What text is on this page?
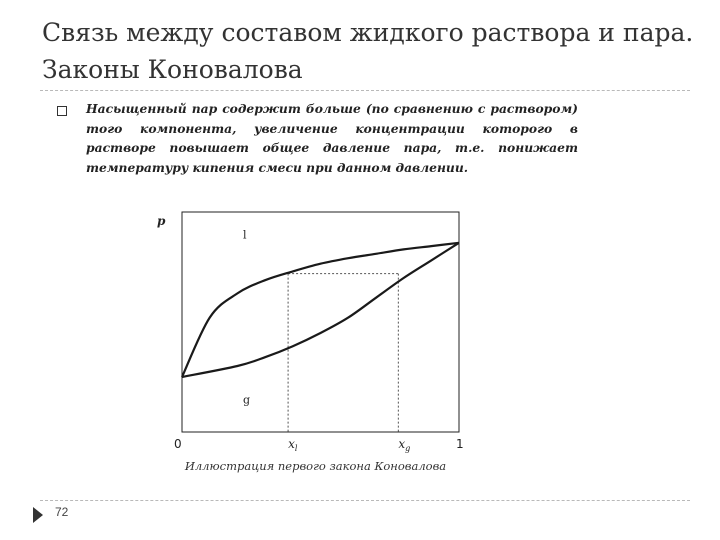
Связь между составом жидкого раствора и пара. Законы Коновалова

Насыщенный пар содержит больше (по сравнению с раствором) того компонента, увеличение концентрации которого в растворе повышает общее давление пара, т.е. понижает температуру кипения смеси при данном давлении.

l
g
p
0	$x_l$	$x_g$	1
Иллюстрация первого закона Коновалова
72
